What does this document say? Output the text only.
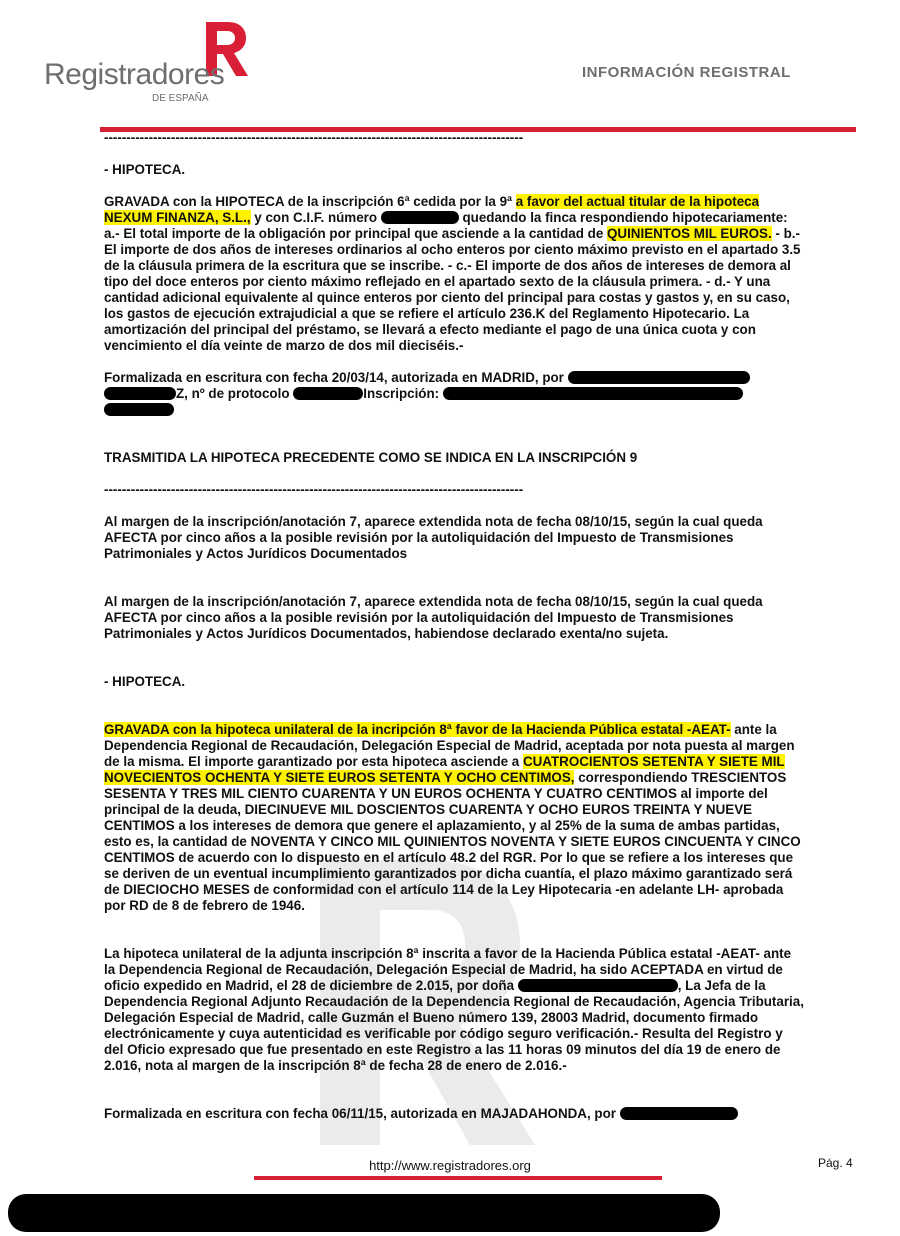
Registradores
DE ESPAÑA
INFORMACIÓN REGISTRAL

----------------------------------------------------------------------------------------------

- HIPOTECA.

GRAVADA con la HIPOTECA de la inscripción 6ª cedida por la 9ª a favor del actual titular de la hipoteca NEXUM FINANZA, S.L., y con C.I.F. número	quedando la finca respondiendo hipotecariamente: a.- El total importe de la obligación por principal que asciende a la cantidad de QUINIENTOS MIL EUROS. - b.- El importe de dos años de intereses ordinarios al ocho enteros por ciento máximo previsto en el apartado 3.5 de la cláusula primera de la escritura que se inscribe. - c.- El importe de dos años de intereses de demora al tipo del doce enteros por ciento máximo reflejado en el apartado sexto de la cláusula primera. - d.- Y una cantidad adicional equivalente al quince enteros por ciento del principal para costas y gastos y, en su caso, los gastos de ejecución extrajudicial a que se refiere el artículo 236.K del Reglamento Hipotecario. La amortización del principal del préstamo, se llevará a efecto mediante el pago de una única cuota y con vencimiento el día veinte de marzo de dos mil dieciséis.-

Formalizada en escritura con fecha 20/03/14, autorizada en MADRID, por  Z, nº de protocolo	Inscripción:

TRASMITIDA LA HIPOTECA PRECEDENTE COMO SE INDICA EN LA INSCRIPCIÓN 9

----------------------------------------------------------------------------------------------

Al margen de la inscripción/anotación 7, aparece extendida nota de fecha 08/10/15, según la cual queda AFECTA por cinco años a la posible revisión por la autoliquidación del Impuesto de Transmisiones Patrimoniales y Actos Jurídicos Documentados

Al margen de la inscripción/anotación 7, aparece extendida nota de fecha 08/10/15, según la cual queda AFECTA por cinco años a la posible revisión por la autoliquidación del Impuesto de Transmisiones Patrimoniales y Actos Jurídicos Documentados, habiendose declarado exenta/no sujeta.

- HIPOTECA.

GRAVADA con la hipoteca unilateral de la incripción 8ª favor de la Hacienda Pública estatal -AEAT- ante la Dependencia Regional de Recaudación, Delegación Especial de Madrid, aceptada por nota puesta al margen de la misma. El importe garantizado por esta hipoteca asciende a CUATROCIENTOS SETENTA Y SIETE MIL NOVECIENTOS OCHENTA Y SIETE EUROS SETENTA Y OCHO CENTIMOS, correspondiendo TRESCIENTOS SESENTA Y TRES MIL CIENTO CUARENTA Y UN EUROS OCHENTA Y CUATRO CENTIMOS al importe del principal de la deuda, DIECINUEVE MIL DOSCIENTOS CUARENTA Y OCHO EUROS TREINTA Y NUEVE CENTIMOS a los intereses de demora que genere el aplazamiento, y al 25% de la suma de ambas partidas, esto es, la cantidad de NOVENTA Y CINCO MIL QUINIENTOS NOVENTA Y SIETE EUROS CINCUENTA Y CINCO CENTIMOS de acuerdo con lo dispuesto en el artículo 48.2 del RGR. Por lo que se refiere a los intereses que se deriven de un eventual incumplimiento garantizados por dicha cuantía, el plazo máximo garantizado será de DIECIOCHO MESES de conformidad con el artículo 114 de la Ley Hipotecaria -en adelante LH- aprobada por RD de 8 de febrero de 1946.

La hipoteca unilateral de la adjunta inscripción 8ª inscrita a favor de la Hacienda Pública estatal -AEAT- ante la Dependencia Regional de Recaudación, Delegación Especial de Madrid, ha sido ACEPTADA en virtud de oficio expedido en Madrid, el 28 de diciembre de 2.015, por doña	, La Jefa de la Dependencia Regional Adjunto Recaudación de la Dependencia Regional de Recaudación, Agencia Tributaria, Delegación Especial de Madrid, calle Guzmán el Bueno número 139, 28003 Madrid, documento firmado electrónicamente y cuya autenticidad es verificable por código seguro verificación.- Resulta del Registro y del Oficio expresado que fue presentado en este Registro a las 11 horas 09 minutos del día 19 de enero de 2.016, nota al margen de la inscripción 8ª de fecha 28 de enero de 2.016.-

Formalizada en escritura con fecha 06/11/15, autorizada en MAJADAHONDA, por

http://www.registradores.org	Pág. 4
